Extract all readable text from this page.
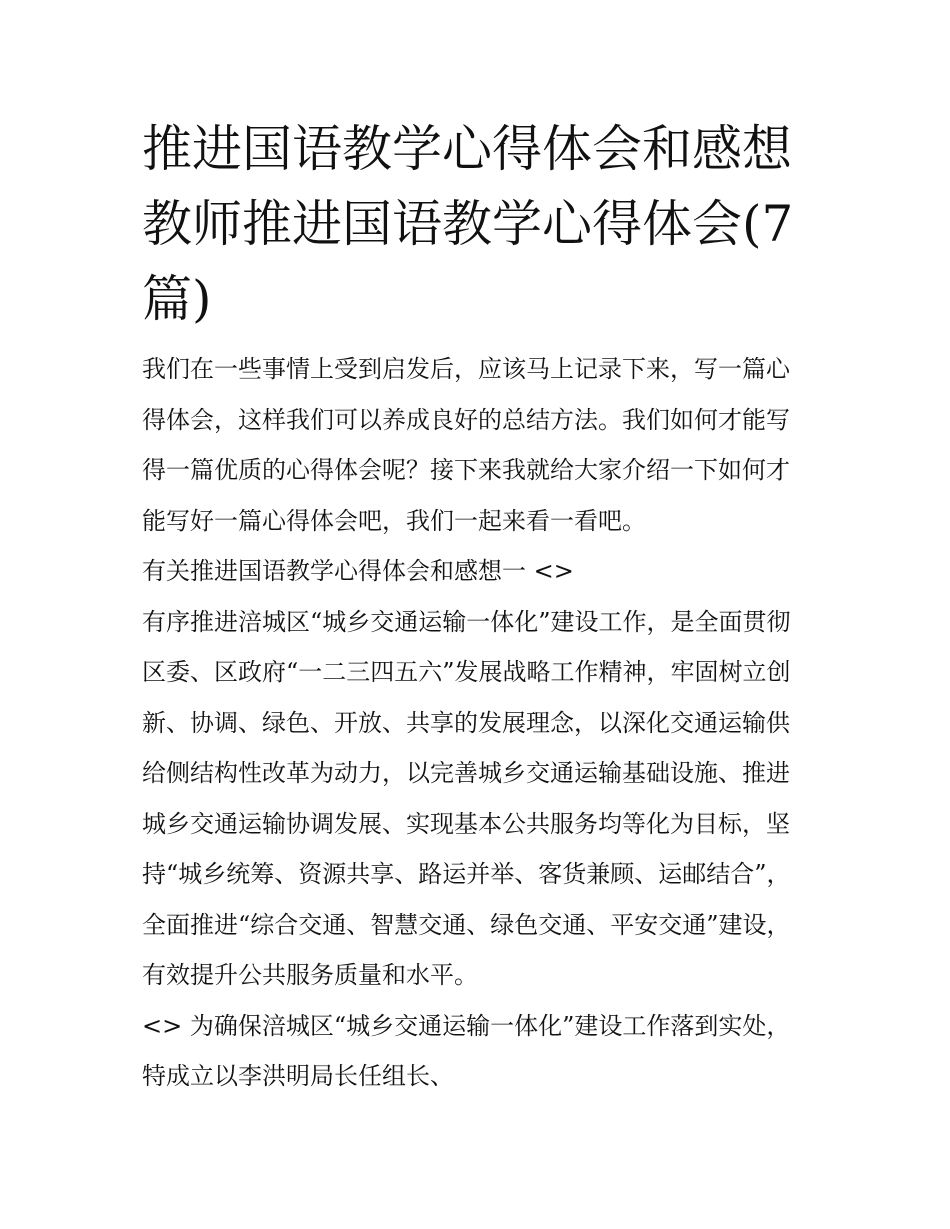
推进国语教学心得体会和感想
教师推进国语教学心得体会(7
篇)
我们在一些事情上受到启发后，应该马上记录下来，写一篇心
得体会，这样我们可以养成良好的总结方法。我们如何才能写
得一篇优质的心得体会呢？接下来我就给大家介绍一下如何才
能写好一篇心得体会吧，我们一起来看一看吧。
有关推进国语教学心得体会和感想一 <>
有序推进涪城区“城乡交通运输一体化”建设工作，是全面贯彻
区委、区政府“一二三四五六”发展战略工作精神，牢固树立创
新、协调、绿色、开放、共享的发展理念，以深化交通运输供
给侧结构性改革为动力，以完善城乡交通运输基础设施、推进
城乡交通运输协调发展、实现基本公共服务均等化为目标，坚
持“城乡统筹、资源共享、路运并举、客货兼顾、运邮结合”，
全面推进“综合交通、智慧交通、绿色交通、平安交通”建设，
有效提升公共服务质量和水平。
<> 为确保涪城区“城乡交通运输一体化”建设工作落到实处，
特成立以李洪明局长任组长、
